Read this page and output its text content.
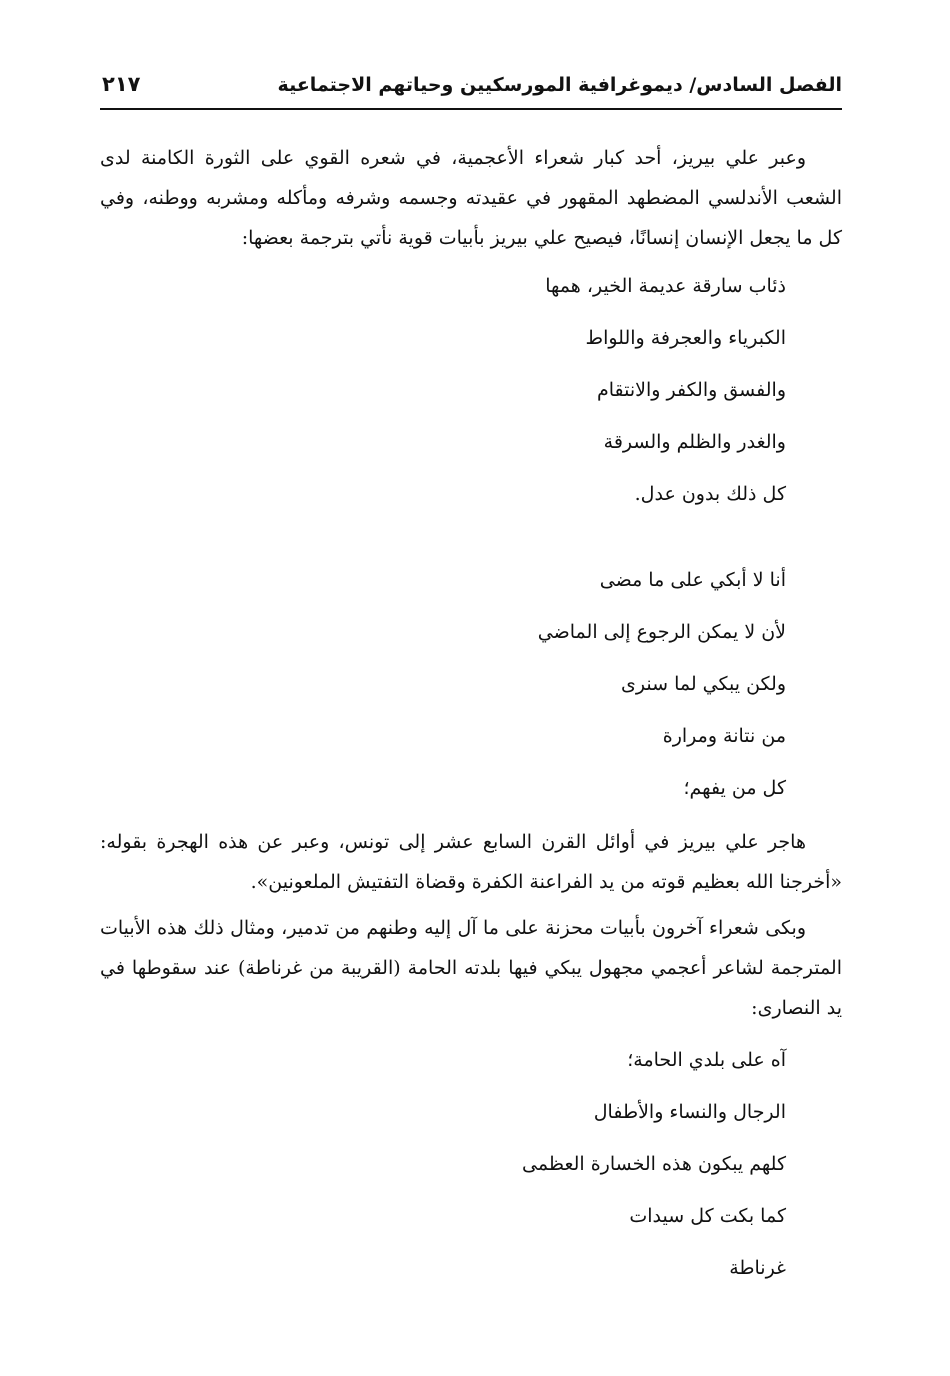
الفصل السادس/ ديموغرافية المورسكيين وحياتهم الاجتماعية
٢١٧

وعبر علي بيريز، أحد كبار شعراء الأعجمية، في شعره القوي على الثورة الكامنة لدى الشعب الأندلسي المضطهد المقهور في عقيدته وجسمه وشرفه ومأكله ومشربه ووطنه، وفي كل ما يجعل الإنسان إنسانًا، فيصيح علي بيريز بأبيات قوية نأتي بترجمة بعضها:

ذئاب سارقة عديمة الخير، همها
الكبرياء والعجرفة واللواط
والفسق والكفر والانتقام
والغدر والظلم والسرقة
كل ذلك بدون عدل.
أنا لا أبكي على ما مضى
لأن لا يمكن الرجوع إلى الماضي
ولكن يبكي لما سنرى
من نتانة ومرارة
كل من يفهم؛

هاجر علي بيريز في أوائل القرن السابع عشر إلى تونس، وعبر عن هذه الهجرة بقوله: «أخرجنا الله بعظيم قوته من يد الفراعنة الكفرة وقضاة التفتيش الملعونين».

وبكى شعراء آخرون بأبيات محزنة على ما آل إليه وطنهم من تدمير، ومثال ذلك هذه الأبيات المترجمة لشاعر أعجمي مجهول يبكي فيها بلدته الحامة (القريبة من غرناطة) عند سقوطها في يد النصارى:

آه على بلدي الحامة؛
الرجال والنساء والأطفال
كلهم يبكون هذه الخسارة العظمى
كما بكت كل سيدات
غرناطة
